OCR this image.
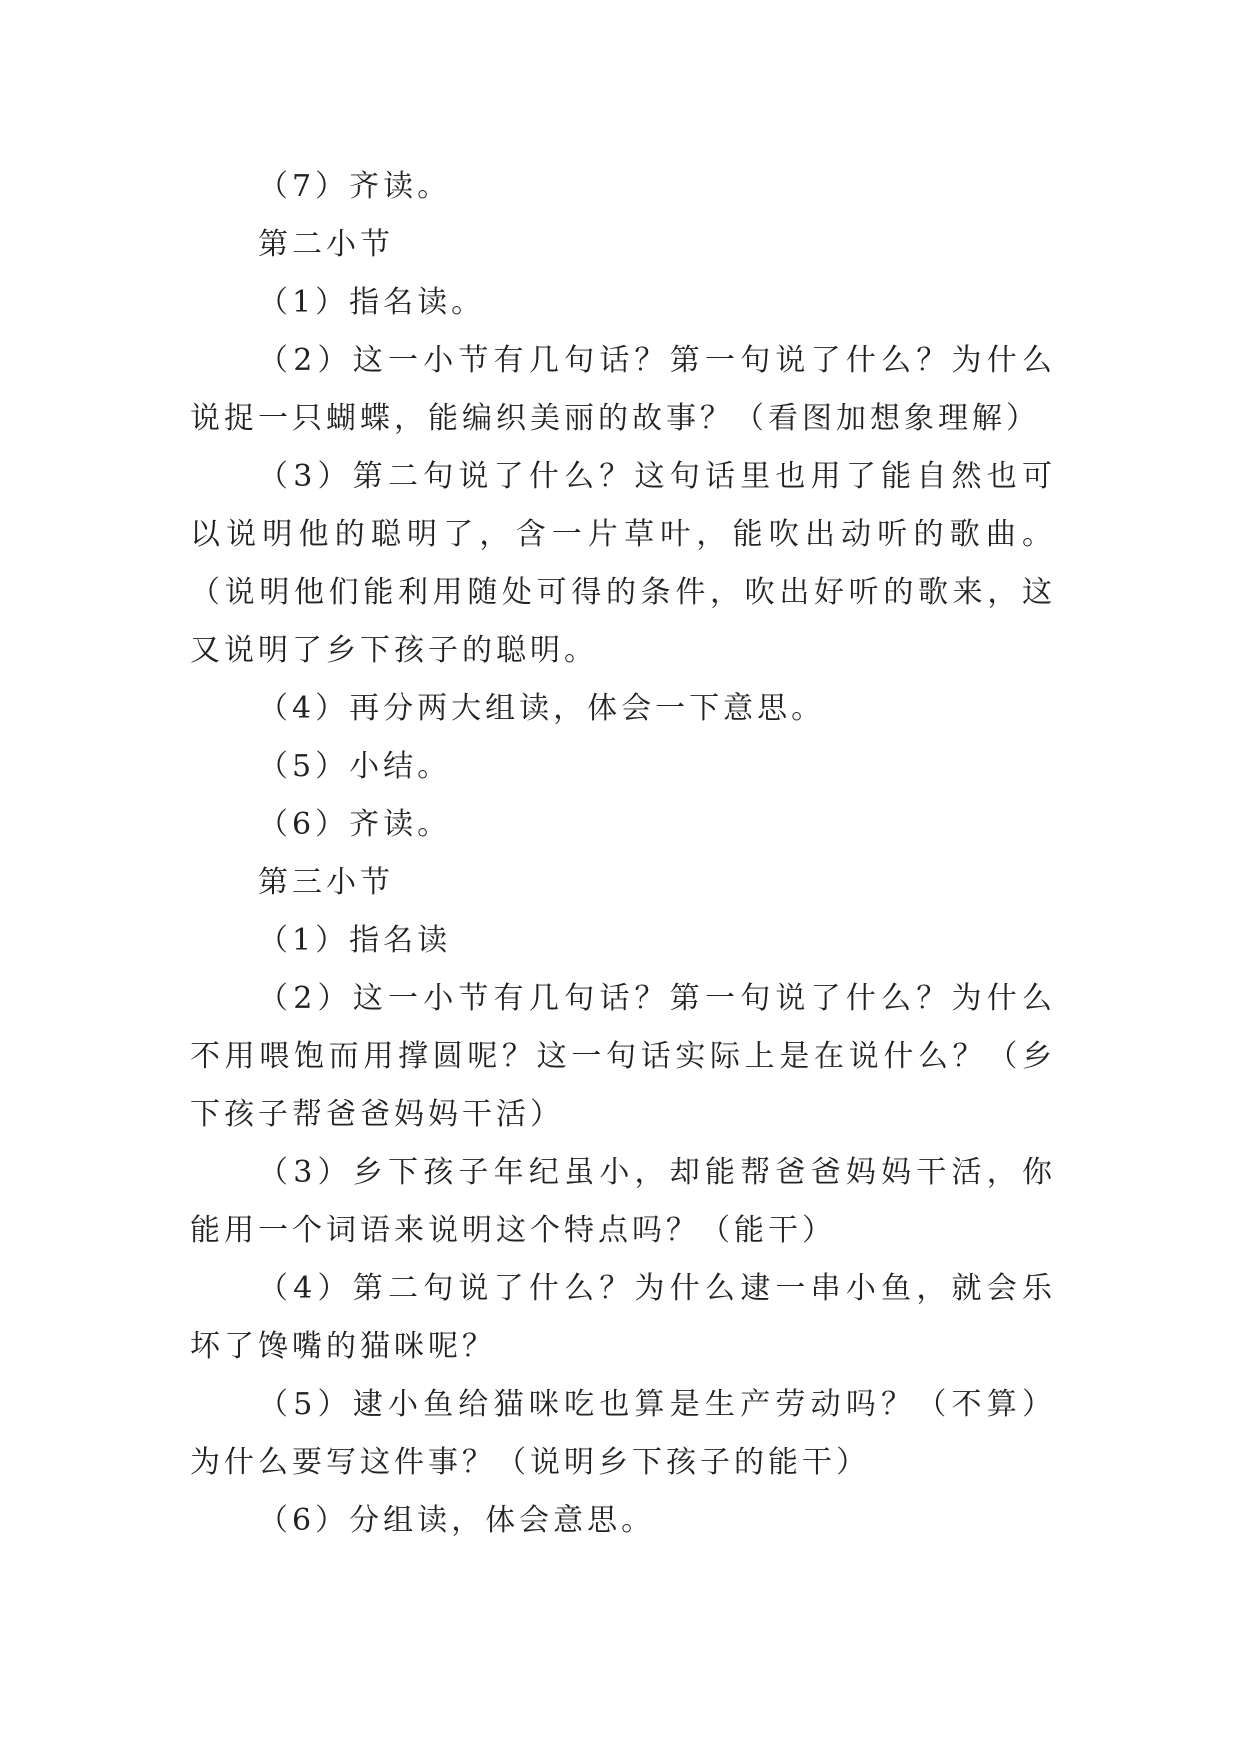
（7）齐读。

第二小节

（1）指名读。

（2）这一小节有几句话？第一句说了什么？为什么说捉一只蝴蝶，能编织美丽的故事？（看图加想象理解）

（3）第二句说了什么？这句话里也用了能自然也可以说明他的聪明了，含一片草叶，能吹出动听的歌曲。（说明他们能利用随处可得的条件，吹出好听的歌来，这又说明了乡下孩子的聪明。

（4）再分两大组读，体会一下意思。

（5）小结。

（6）齐读。

第三小节

（1）指名读

（2）这一小节有几句话？第一句说了什么？为什么不用喂饱而用撑圆呢？这一句话实际上是在说什么？（乡下孩子帮爸爸妈妈干活）

（3）乡下孩子年纪虽小，却能帮爸爸妈妈干活，你能用一个词语来说明这个特点吗？（能干）

（4）第二句说了什么？为什么逮一串小鱼，就会乐坏了馋嘴的猫咪呢？

（5）逮小鱼给猫咪吃也算是生产劳动吗？（不算）为什么要写这件事？（说明乡下孩子的能干）

（6）分组读，体会意思。
